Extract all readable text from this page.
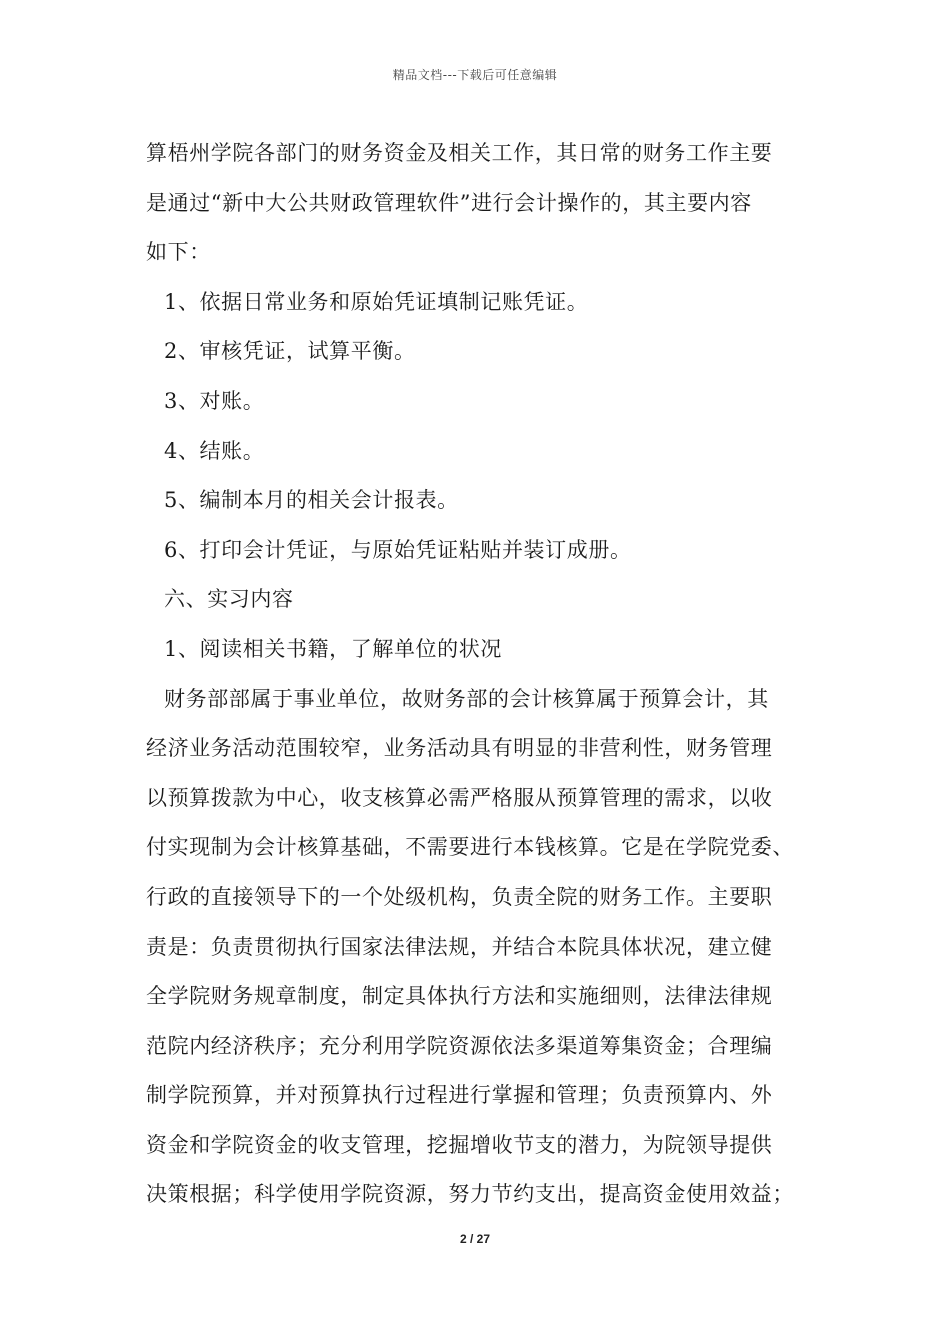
精品文档---下载后可任意编辑
算梧州学院各部门的财务资金及相关工作，其日常的财务工作主要
是通过“新中大公共财政管理软件”进行会计操作的，其主要内容
如下：
1、依据日常业务和原始凭证填制记账凭证。
2、审核凭证，试算平衡。
3、对账。
4、结账。
5、编制本月的相关会计报表。
6、打印会计凭证，与原始凭证粘贴并装订成册。
六、实习内容
1、阅读相关书籍，了解单位的状况
财务部部属于事业单位，故财务部的会计核算属于预算会计，其
经济业务活动范围较窄，业务活动具有明显的非营利性，财务管理
以预算拨款为中心，收支核算必需严格服从预算管理的需求，以收
付实现制为会计核算基础，不需要进行本钱核算。它是在学院党委、
行政的直接领导下的一个处级机构，负责全院的财务工作。主要职
责是：负责贯彻执行国家法律法规，并结合本院具体状况，建立健
全学院财务规章制度，制定具体执行方法和实施细则，法律法律规
范院内经济秩序；充分利用学院资源依法多渠道筹集资金；合理编
制学院预算，并对预算执行过程进行掌握和管理；负责预算内、外
资金和学院资金的收支管理，挖掘增收节支的潜力，为院领导提供
决策根据；科学使用学院资源，努力节约支出，提高资金使用效益；
2 / 27
